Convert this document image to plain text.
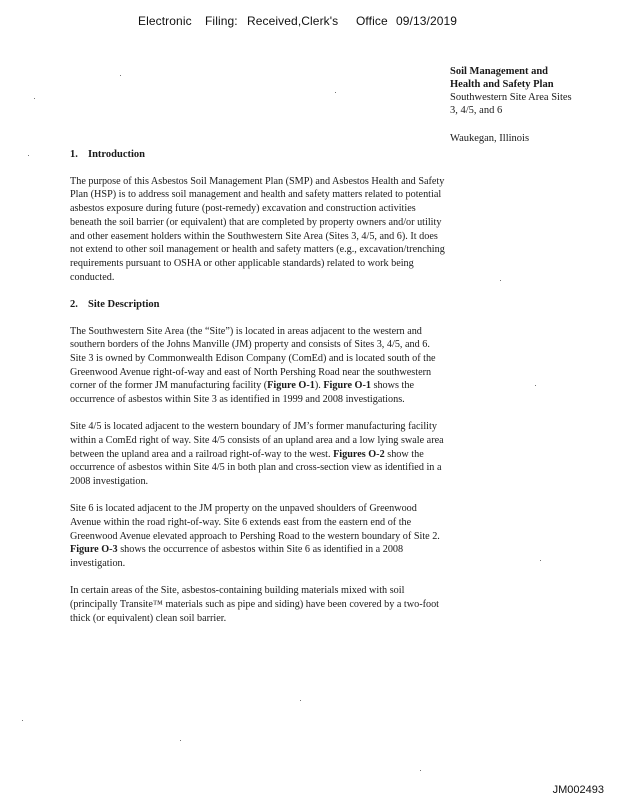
Electronic Filing: Received,Clerk's Office 09/13/2019
Soil Management and
Health and Safety Plan
Southwestern Site Area Sites
3, 4/5, and 6
Waukegan, Illinois
1. Introduction

The purpose of this Asbestos Soil Management Plan (SMP) and Asbestos Health and Safety Plan (HSP) is to address soil management and health and safety matters related to potential asbestos exposure during future (post-remedy) excavation and construction activities beneath the soil barrier (or equivalent) that are completed by property owners and/or utility and other easement holders within the Southwestern Site Area (Sites 3, 4/5, and 6). It does not extend to other soil management or health and safety matters (e.g., excavation/trenching requirements pursuant to OSHA or other applicable standards) related to work being conducted.

2. Site Description

The Southwestern Site Area (the “Site”) is located in areas adjacent to the western and southern borders of the Johns Manville (JM) property and consists of Sites 3, 4/5, and 6. Site 3 is owned by Commonwealth Edison Company (ComEd) and is located south of the Greenwood Avenue right-of-way and east of North Pershing Road near the southwestern corner of the former JM manufacturing facility (Figure O-1). Figure O-1 shows the occurrence of asbestos within Site 3 as identified in 1999 and 2008 investigations.

Site 4/5 is located adjacent to the western boundary of JM’s former manufacturing facility within a ComEd right of way. Site 4/5 consists of an upland area and a low lying swale area between the upland area and a railroad right-of-way to the west. Figures O-2 show the occurrence of asbestos within Site 4/5 in both plan and cross-section view as identified in a 2008 investigation.

Site 6 is located adjacent to the JM property on the unpaved shoulders of Greenwood Avenue within the road right-of-way. Site 6 extends east from the eastern end of the Greenwood Avenue elevated approach to Pershing Road to the western boundary of Site 2. Figure O-3 shows the occurrence of asbestos within Site 6 as identified in a 2008 investigation.

In certain areas of the Site, asbestos-containing building materials mixed with soil (principally Transite™ materials such as pipe and siding) have been covered by a two-foot thick (or equivalent) clean soil barrier.

JM002493
